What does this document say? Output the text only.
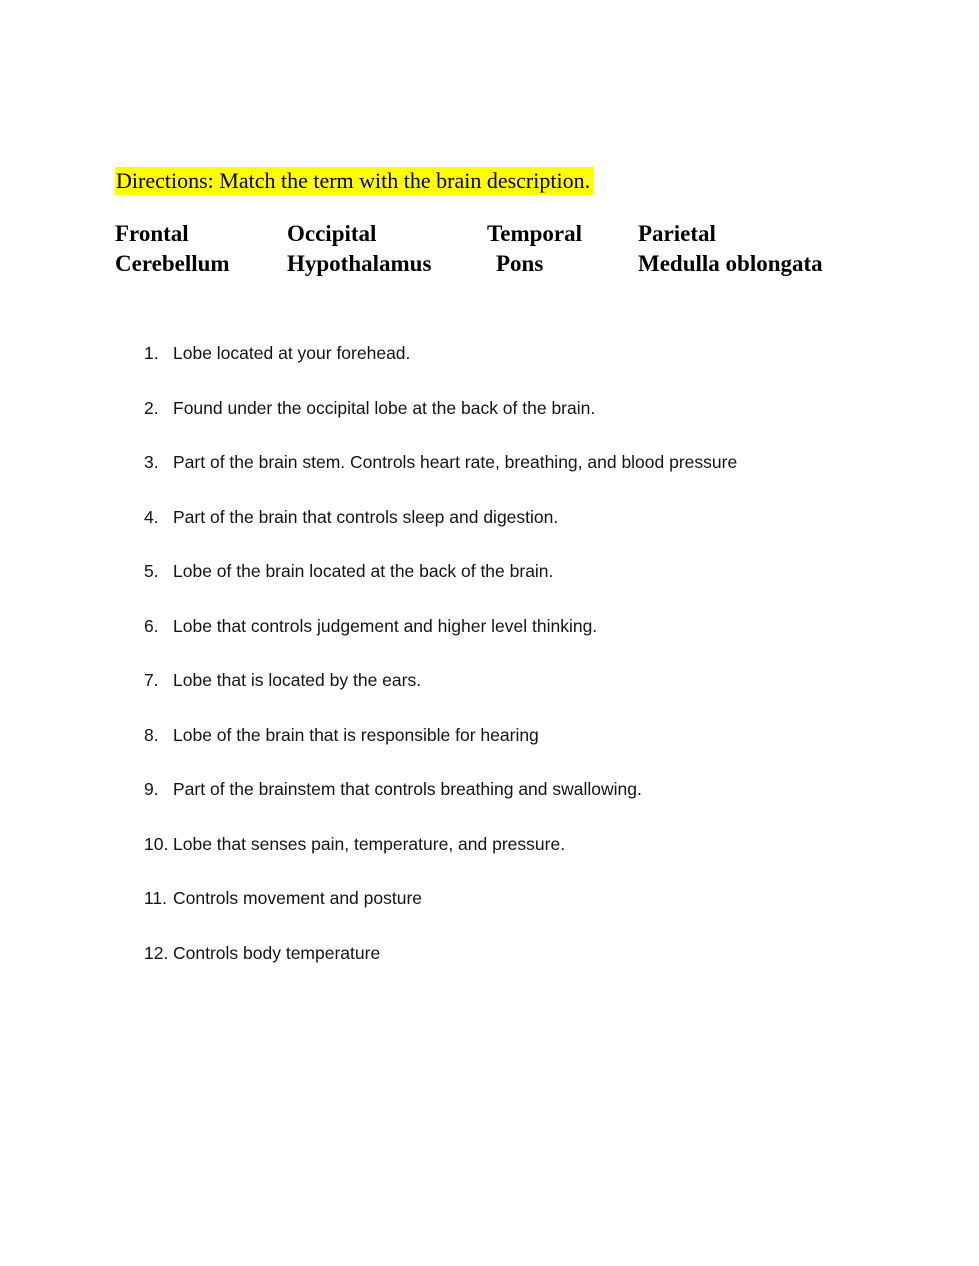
Directions: Match the term with the brain description.
Frontal	Occipital	Temporal	Parietal
Cerebellum	Hypothalamus	Pons	Medulla oblongata
1. Lobe located at your forehead.
2. Found under the occipital lobe at the back of the brain.
3. Part of the brain stem. Controls heart rate, breathing, and blood pressure
4. Part of the brain that controls sleep and digestion.
5. Lobe of the brain located at the back of the brain.
6. Lobe that controls judgement and higher level thinking.
7. Lobe that is located by the ears.
8. Lobe of the brain that is responsible for hearing
9. Part of the brainstem that controls breathing and swallowing.
10. Lobe that senses pain, temperature, and pressure.
11. Controls movement and posture
12. Controls body temperature
